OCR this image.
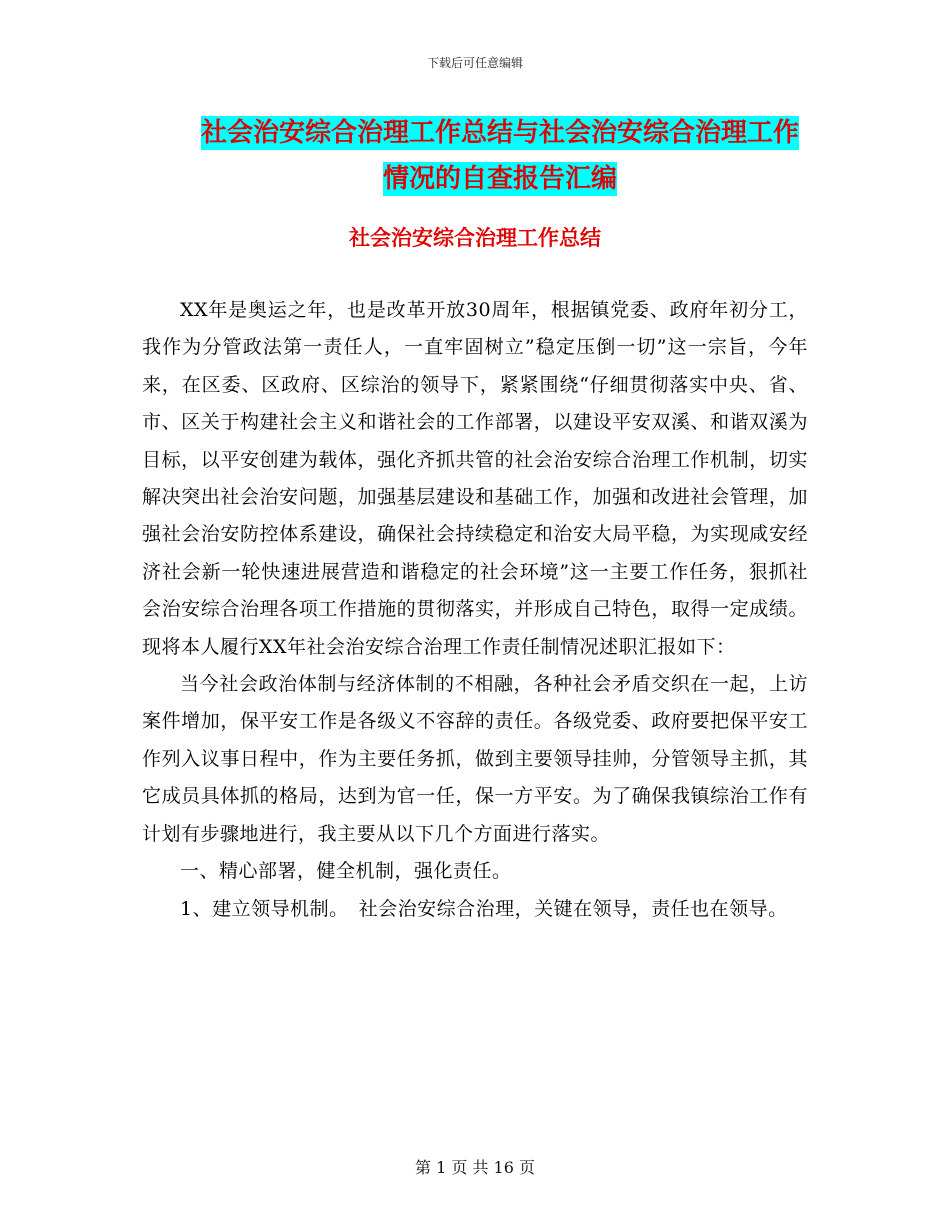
下载后可任意编辑
社会治安综合治理工作总结与社会治安综合治理工作
情况的自查报告汇编
社会治安综合治理工作总结

XX年是奥运之年，也是改革开放30周年，根据镇党委、政府年初分工，我作为分管政法第一责任人，一直牢固树立”稳定压倒一切”这一宗旨，今年来，在区委、区政府、区综治的领导下，紧紧围绕“仔细贯彻落实中央、省、市、区关于构建社会主义和谐社会的工作部署，以建设平安双溪、和谐双溪为目标，以平安创建为载体，强化齐抓共管的社会治安综合治理工作机制，切实解决突出社会治安问题，加强基层建设和基础工作，加强和改进社会管理，加强社会治安防控体系建设，确保社会持续稳定和治安大局平稳，为实现咸安经济社会新一轮快速进展营造和谐稳定的社会环境”这一主要工作任务，狠抓社会治安综合治理各项工作措施的贯彻落实，并形成自己特色，取得一定成绩。现将本人履行XX年社会治安综合治理工作责任制情况述职汇报如下：

当今社会政治体制与经济体制的不相融，各种社会矛盾交织在一起，上访案件增加，保平安工作是各级义不容辞的责任。各级党委、政府要把保平安工作列入议事日程中，作为主要任务抓，做到主要领导挂帅，分管领导主抓，其它成员具体抓的格局，达到为官一任，保一方平安。为了确保我镇综治工作有计划有步骤地进行，我主要从以下几个方面进行落实。

一、精心部署，健全机制，强化责任。

1、建立领导机制。　社会治安综合治理，关键在领导，责任也在领导。

第 1 页 共 16 页
